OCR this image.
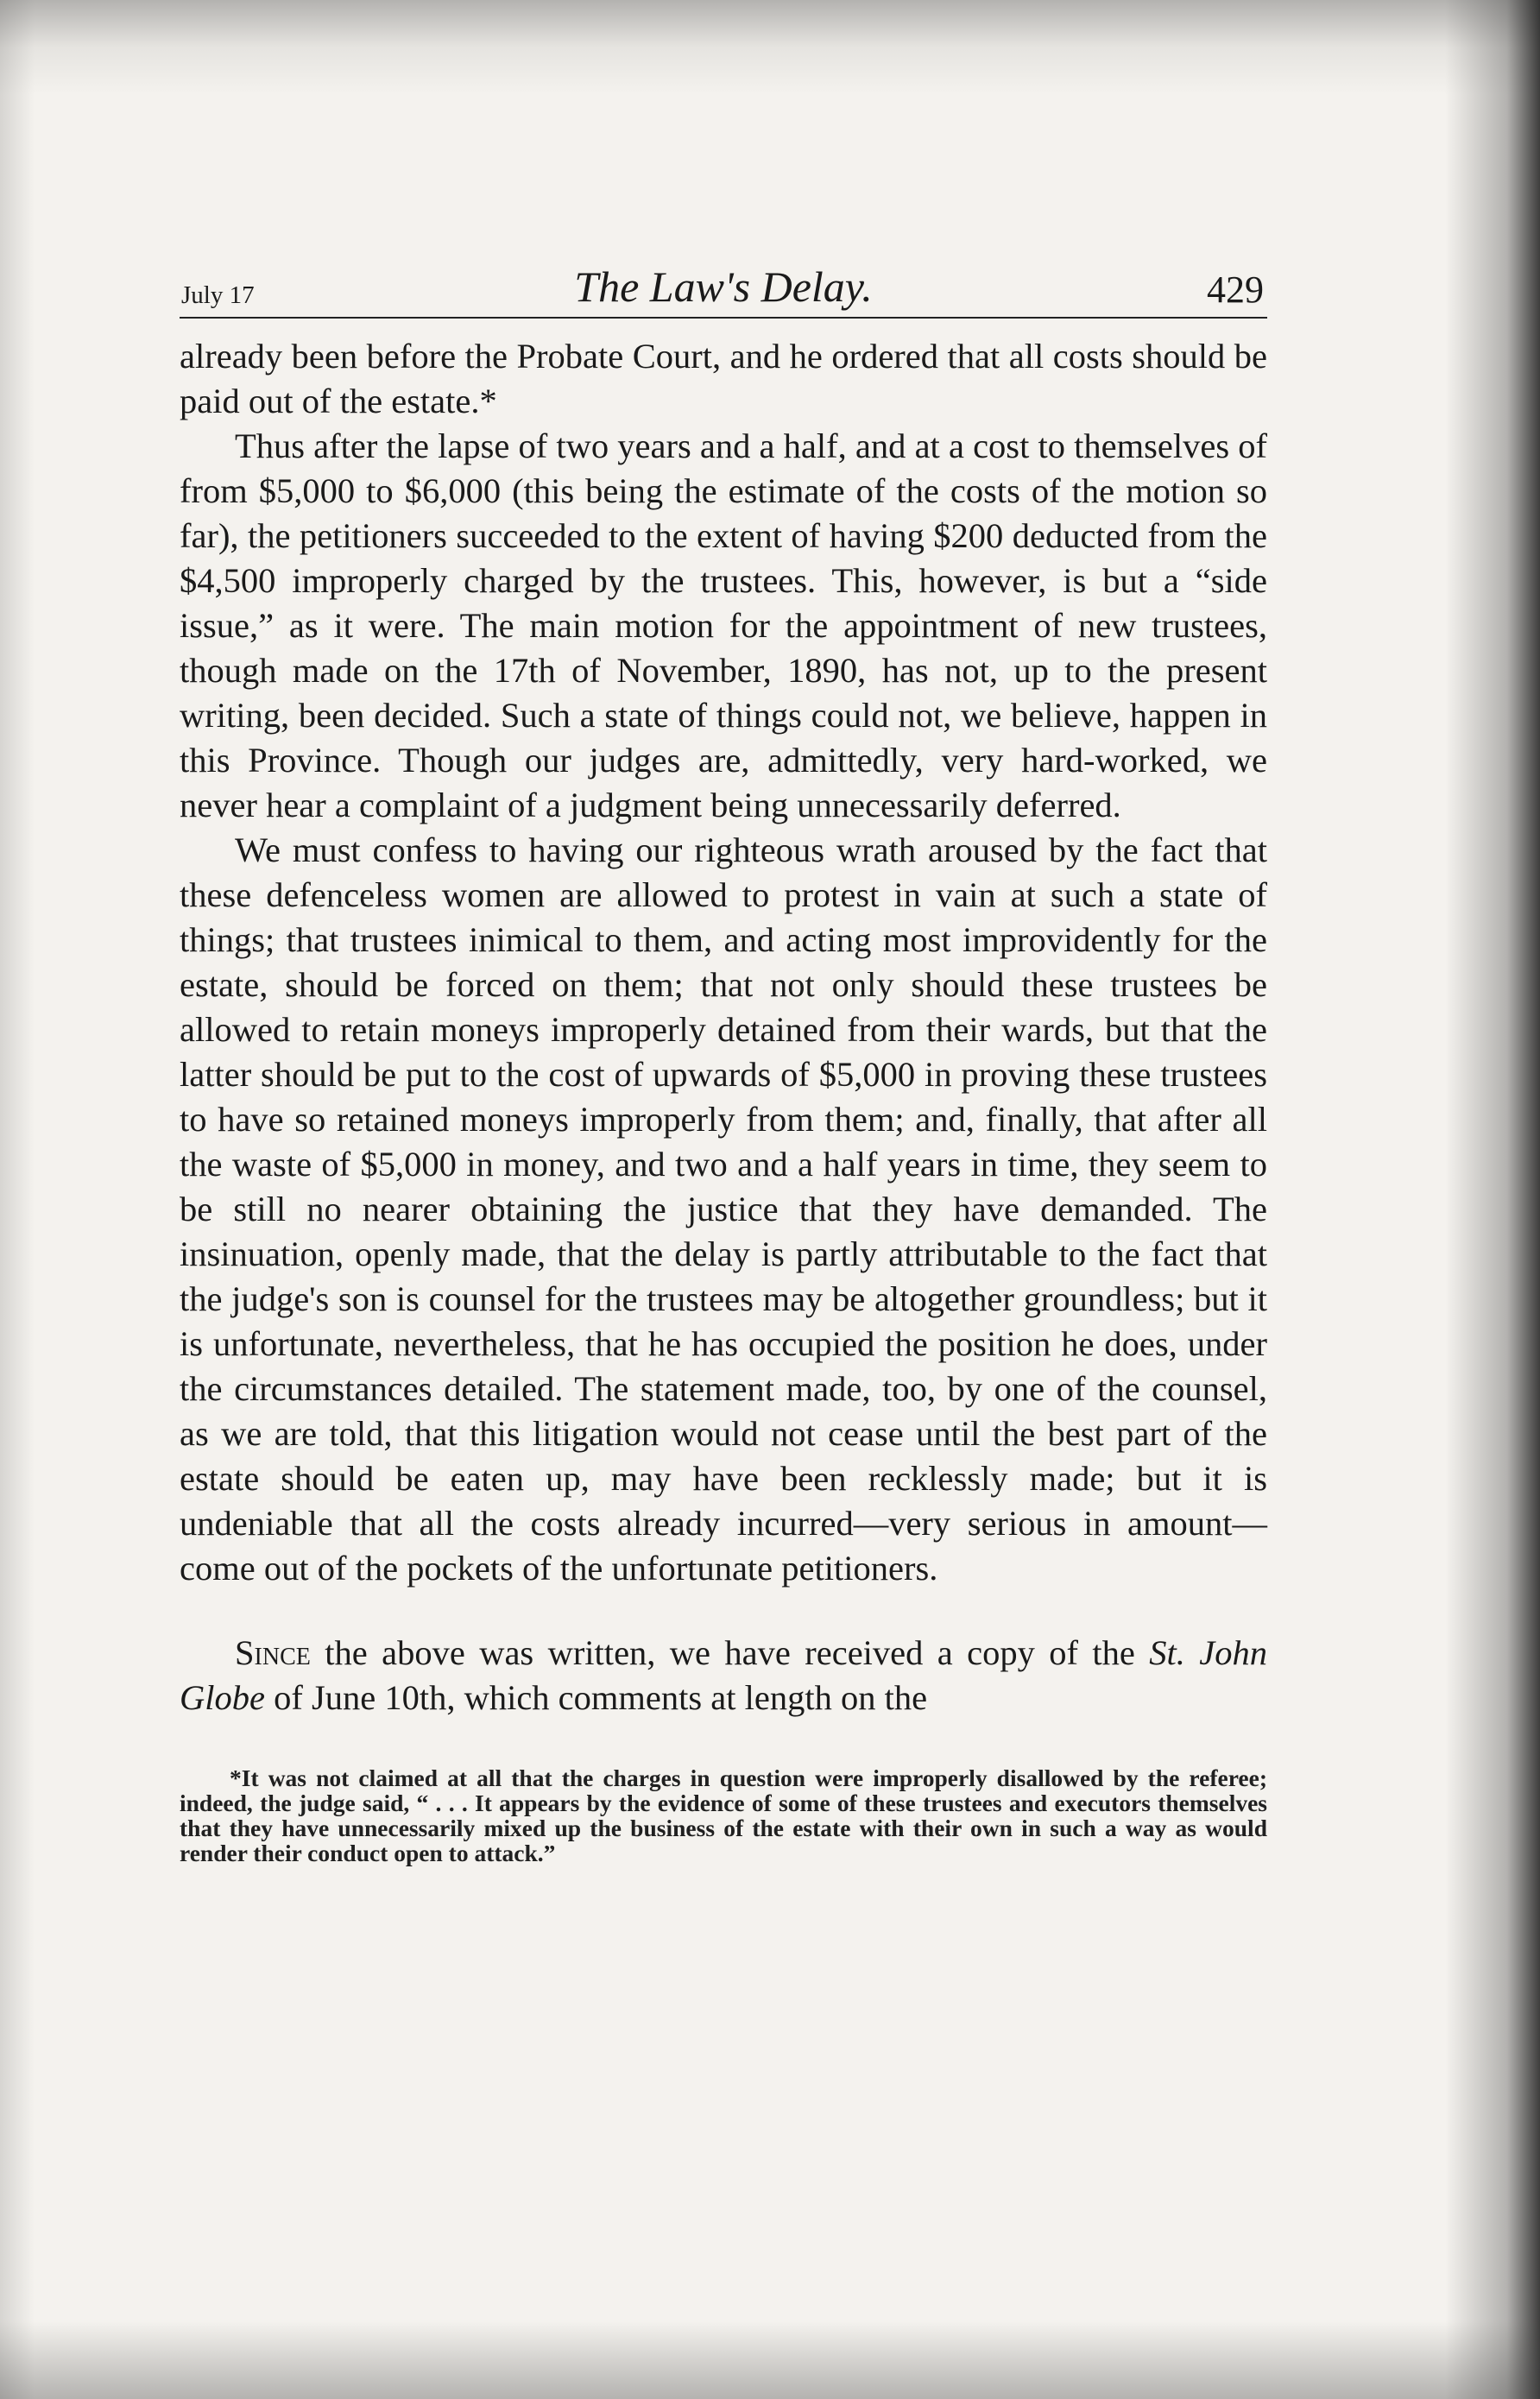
July 17	The Law's Delay.	429

already been before the Probate Court, and he ordered that all costs should be paid out of the estate.*

Thus after the lapse of two years and a half, and at a cost to themselves of from $5,000 to $6,000 (this being the estimate of the costs of the motion so far), the petitioners succeeded to the extent of having $200 deducted from the $4,500 improperly charged by the trustees. This, however, is but a “side issue,” as it were. The main motion for the appointment of new trustees, though made on the 17th of November, 1890, has not, up to the present writing, been decided. Such a state of things could not, we believe, happen in this Province. Though our judges are, admittedly, very hard-worked, we never hear a complaint of a judgment being unnecessarily deferred.

We must confess to having our righteous wrath aroused by the fact that these defenceless women are allowed to protest in vain at such a state of things; that trustees inimical to them, and acting most improvidently for the estate, should be forced on them; that not only should these trustees be allowed to retain moneys improperly detained from their wards, but that the latter should be put to the cost of upwards of $5,000 in proving these trustees to have so retained moneys improperly from them; and, finally, that after all the waste of $5,000 in money, and two and a half years in time, they seem to be still no nearer obtaining the justice that they have demanded. The insinuation, openly made, that the delay is partly attributable to the fact that the judge's son is counsel for the trustees may be altogether groundless; but it is unfortunate, nevertheless, that he has occupied the position he does, under the circumstances detailed. The statement made, too, by one of the counsel, as we are told, that this litigation would not cease until the best part of the estate should be eaten up, may have been recklessly made; but it is undeniable that all the costs already incurred—very serious in amount—come out of the pockets of the unfortunate petitioners.

Since the above was written, we have received a copy of the St. John Globe of June 10th, which comments at length on the

*It was not claimed at all that the charges in question were improperly disallowed by the referee; indeed, the judge said, “ . . . It appears by the evidence of some of these trustees and executors themselves that they have unnecessarily mixed up the business of the estate with their own in such a way as would render their conduct open to attack.”
